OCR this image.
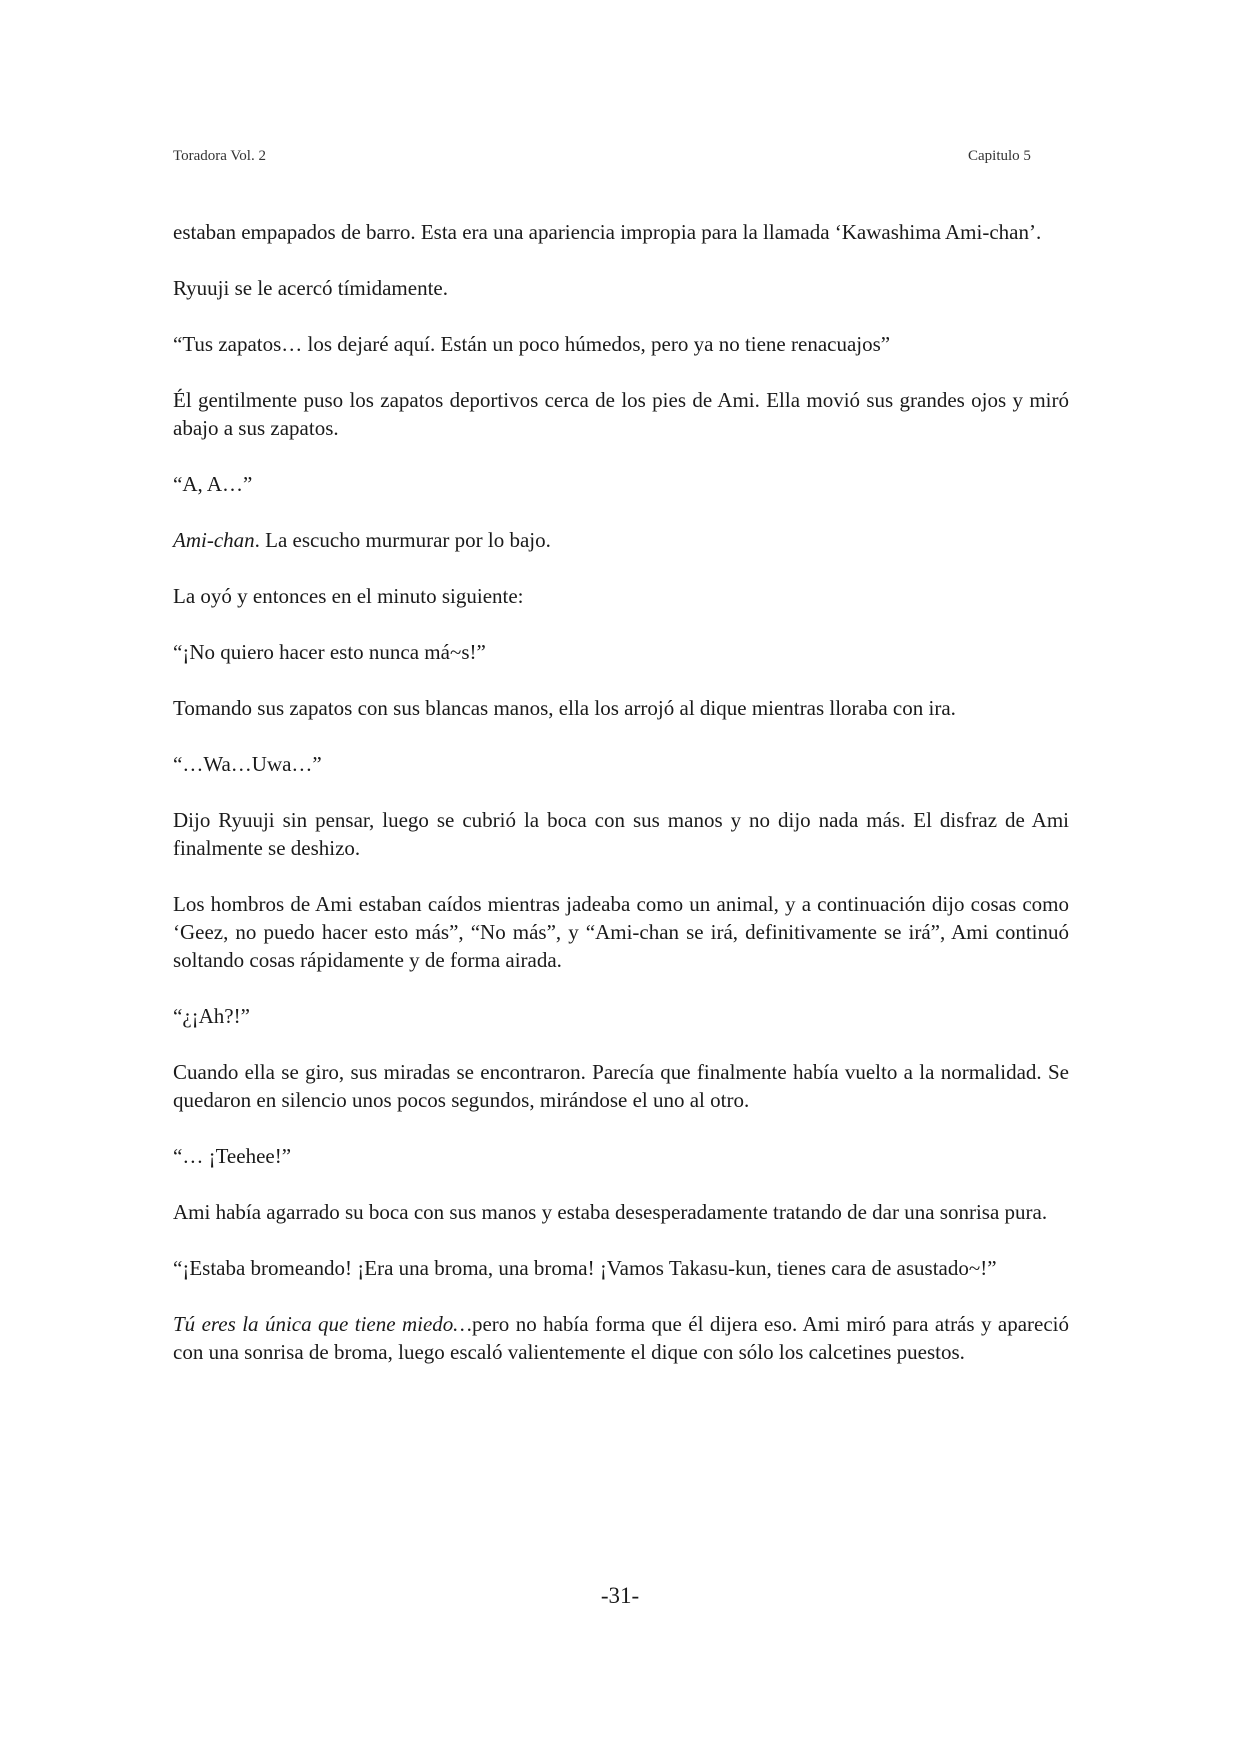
Toradora Vol. 2	Capitulo 5

estaban empapados de barro. Esta era una apariencia impropia para la llamada ‘Kawashima Ami-chan’.

Ryuuji se le acercó tímidamente.

“Tus zapatos… los dejaré aquí. Están un poco húmedos, pero ya no tiene renacuajos”

Él gentilmente puso los zapatos deportivos cerca de los pies de Ami. Ella movió sus grandes ojos y miró abajo a sus zapatos.

“A, A…”

Ami-chan. La escucho murmurar por lo bajo.

La oyó y entonces en el minuto siguiente:

“¡No quiero hacer esto nunca má~s!”

Tomando sus zapatos con sus blancas manos, ella los arrojó al dique mientras lloraba con ira.

“…Wa…Uwa…”

Dijo Ryuuji sin pensar, luego se cubrió la boca con sus manos y no dijo nada más. El disfraz de Ami finalmente se deshizo.

Los hombros de Ami estaban caídos mientras jadeaba como un animal, y a continuación dijo cosas como ‘Geez, no puedo hacer esto más”, “No más”, y “Ami-chan se irá, definitivamente se irá”, Ami continuó soltando cosas rápidamente y de forma airada.

“¿¡Ah?!”

Cuando ella se giro, sus miradas se encontraron. Parecía que finalmente había vuelto a la normalidad. Se quedaron en silencio unos pocos segundos, mirándose el uno al otro.

“… ¡Teehee!”

Ami había agarrado su boca con sus manos y estaba desesperadamente tratando de dar una sonrisa pura.

“¡Estaba bromeando! ¡Era una broma, una broma! ¡Vamos Takasu-kun, tienes cara de asustado~!”

Tú eres la única que tiene miedo…pero no había forma que él dijera eso. Ami miró para atrás y apareció con una sonrisa de broma, luego escaló valientemente el dique con sólo los calcetines puestos.

-31-
